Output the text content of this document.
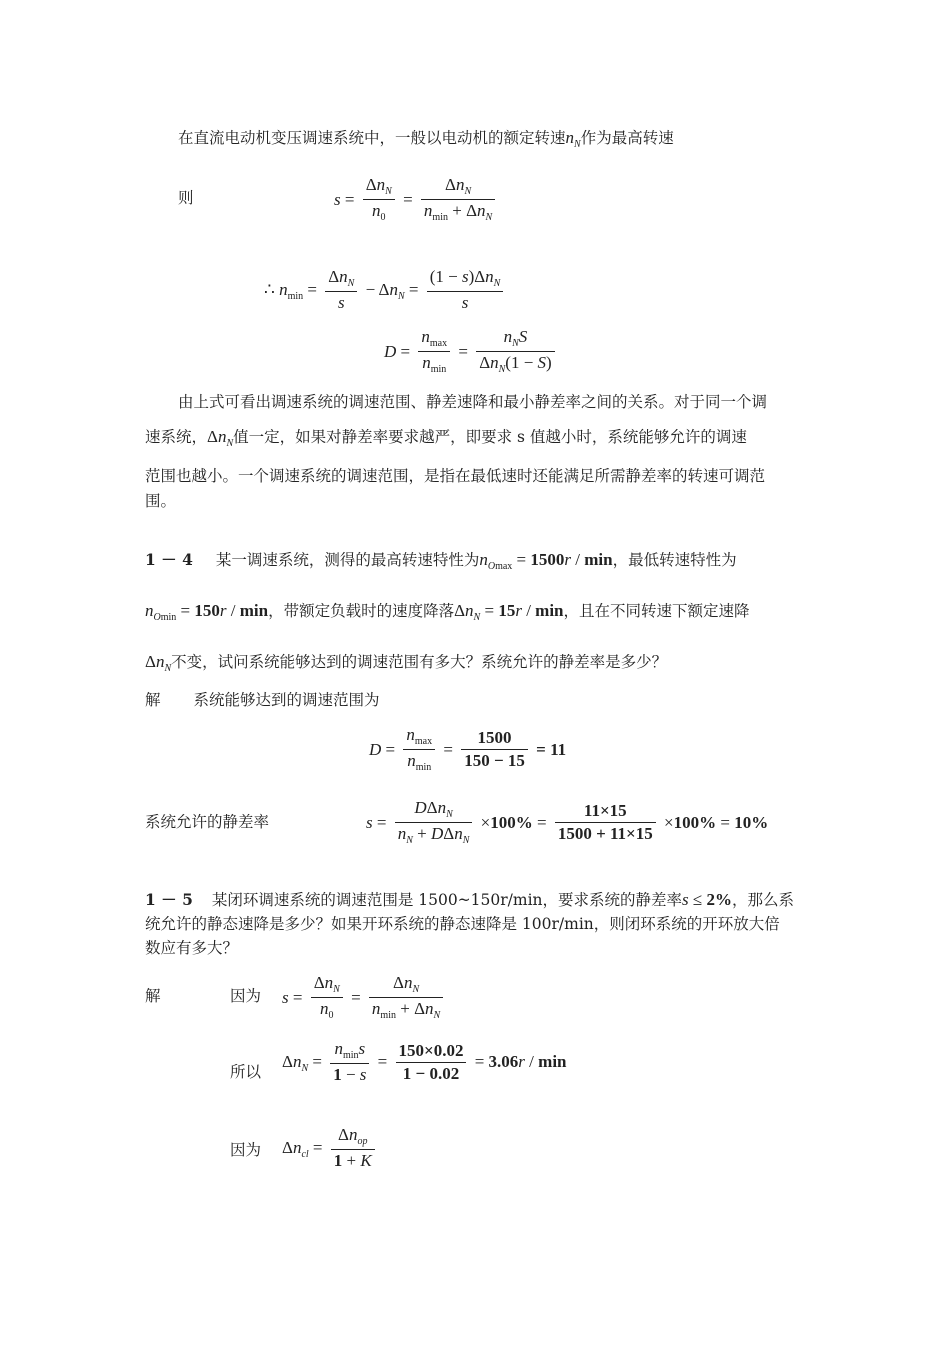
在直流电动机变压调速系统中，一般以电动机的额定转速$n_N$作为最高转速
则	$s = \frac{\Delta n_N}{n_0} = \frac{\Delta n_N}{n_{min} + \Delta n_N}$
∴ $n_{min} = \frac{\Delta n_N}{s} - \Delta n_N = \frac{(1 - s)\Delta n_N}{s}$
$D = \frac{n_{max}}{n_{min}} = \frac{n_NS}{\Delta n_N(1 - S)}$
由上式可看出调速系统的调速范围、静差速降和最小静差率之间的关系。对于同一个调
速系统，$\Delta n_N$值一定，如果对静差率要求越严，即要求 s 值越小时，系统能够允许的调速
范围也越小。一个调速系统的调速范围，是指在最低速时还能满足所需静差率的转速可调范
围。
1 － 4 某一调速系统，测得的最高转速特性为$n_{Omax} = 1500r / \min$，最低转速特性为
$n_{Omin} = 150r / \min$，带额定负载时的速度降落$\Delta n_N = 15r / \min$，且在不同转速下额定速降
$\Delta n_N$不变，试问系统能够达到的调速范围有多大？系统允许的静差率是多少？
解 系统能够达到的调速范围为
$D = \frac{n_{max}}{n_{min}} = \frac{1500}{150 - 15} = 11$
系统允许的静差率	$s = \frac{D\Delta n_N}{n_N + D\Delta n_N} \times 100\% = \frac{11\times 15}{1500 + 11\times 15} \times 100\% = 10\%$
1 － 5 某闭环调速系统的调速范围是 1500~150r/min，要求系统的静差率s ≤ 2%，那么系
统允许的静态速降是多少？如果开环系统的静态速降是 100r/min，则闭环系统的开环放大倍
数应有多大？
解	因为 $s = \frac{\Delta n_N}{n_0} = \frac{\Delta n_N}{n_{min} + \Delta n_N}$
所以
$\Delta n_N = \frac{n_{min}s}{1 - s} = \frac{150\times 0.02}{1 - 0.02} = 3.06r / \min$
因为 $\Delta n_{cl} = \frac{\Delta n_{op}}{1 + K}$
